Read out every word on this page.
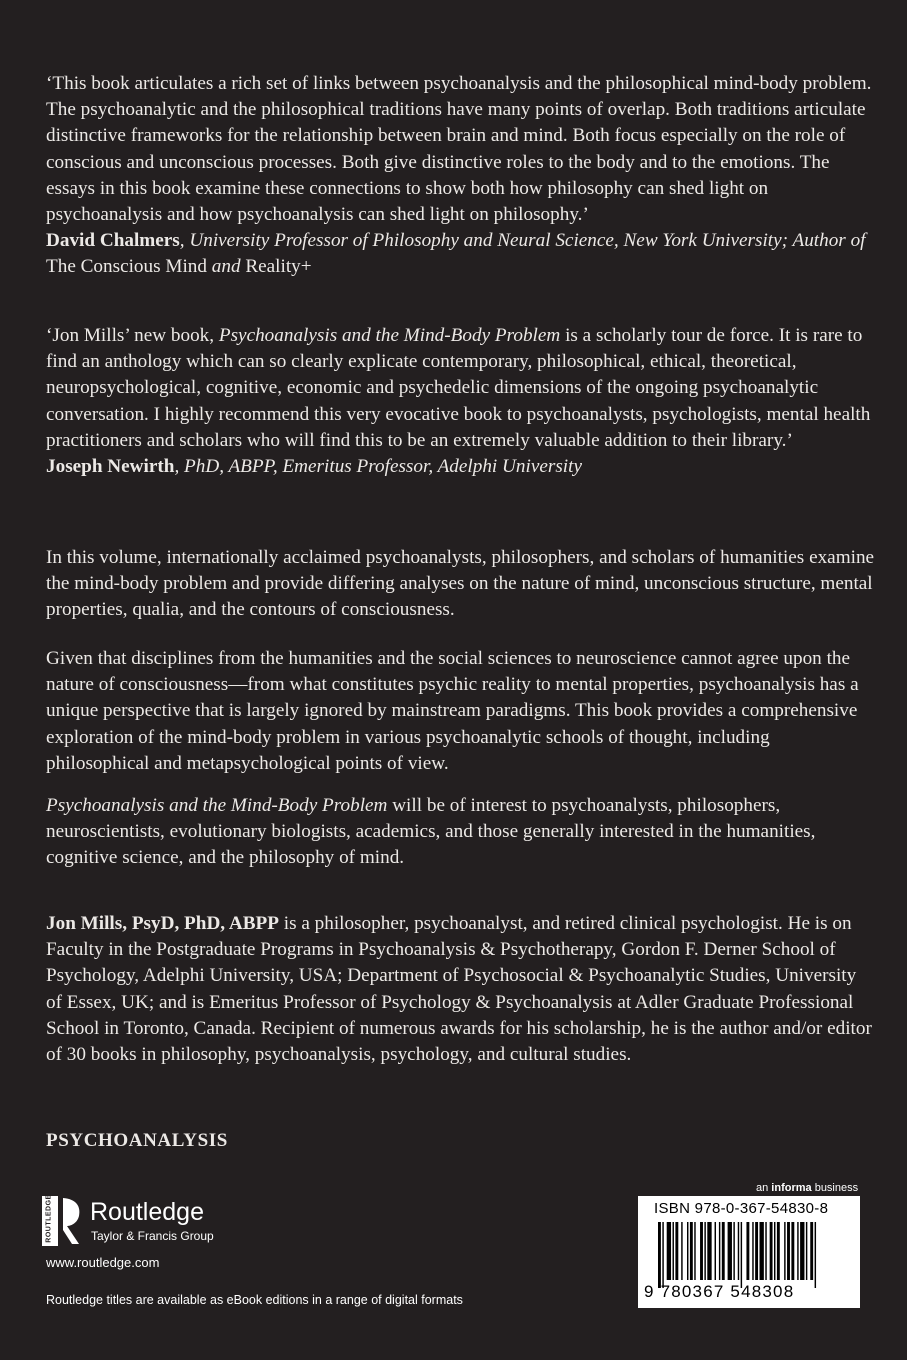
‘This book articulates a rich set of links between psychoanalysis and the philosophical mind-body problem. The psychoanalytic and the philosophical traditions have many points of overlap. Both traditions articulate distinctive frameworks for the relationship between brain and mind. Both focus especially on the role of conscious and unconscious processes. Both give distinctive roles to the body and to the emotions. The essays in this book examine these connections to show both how philosophy can shed light on psychoanalysis and how psychoanalysis can shed light on philosophy.’
David Chalmers, University Professor of Philosophy and Neural Science, New York University; Author of The Conscious Mind and Reality+

‘Jon Mills’ new book, Psychoanalysis and the Mind-Body Problem is a scholarly tour de force. It is rare to find an anthology which can so clearly explicate contemporary, philosophical, ethical, theoretical, neuropsychological, cognitive, economic and psychedelic dimensions of the ongoing psychoanalytic conversation. I highly recommend this very evocative book to psychoanalysts, psychologists, mental health practitioners and scholars who will find this to be an extremely valuable addition to their library.’
Joseph Newirth, PhD, ABPP, Emeritus Professor, Adelphi University

In this volume, internationally acclaimed psychoanalysts, philosophers, and scholars of humanities examine the mind-body problem and provide differing analyses on the nature of mind, unconscious structure, mental properties, qualia, and the contours of consciousness.

Given that disciplines from the humanities and the social sciences to neuroscience cannot agree upon the nature of consciousness—from what constitutes psychic reality to mental properties, psychoanalysis has a unique perspective that is largely ignored by mainstream paradigms. This book provides a comprehensive exploration of the mind-body problem in various psychoanalytic schools of thought, including philosophical and metapsychological points of view.

Psychoanalysis and the Mind-Body Problem will be of interest to psychoanalysts, philosophers, neuroscientists, evolutionary biologists, academics, and those generally interested in the humanities, cognitive science, and the philosophy of mind.

Jon Mills, PsyD, PhD, ABPP is a philosopher, psychoanalyst, and retired clinical psychologist. He is on Faculty in the Postgraduate Programs in Psychoanalysis & Psychotherapy, Gordon F. Derner School of Psychology, Adelphi University, USA; Department of Psychosocial & Psychoanalytic Studies, University of Essex, UK; and is Emeritus Professor of Psychology & Psychoanalysis at Adler Graduate Professional School in Toronto, Canada. Recipient of numerous awards for his scholarship, he is the author and/or editor of 30 books in philosophy, psychoanalysis, psychology, and cultural studies.

PSYCHOANALYSIS
ROUTLEDGE Routledge
Taylor & Francis Group
www.routledge.com
Routledge titles are available as eBook editions in a range of digital formats
an informa business
ISBN 978-0-367-54830-8
9 780367 548308
